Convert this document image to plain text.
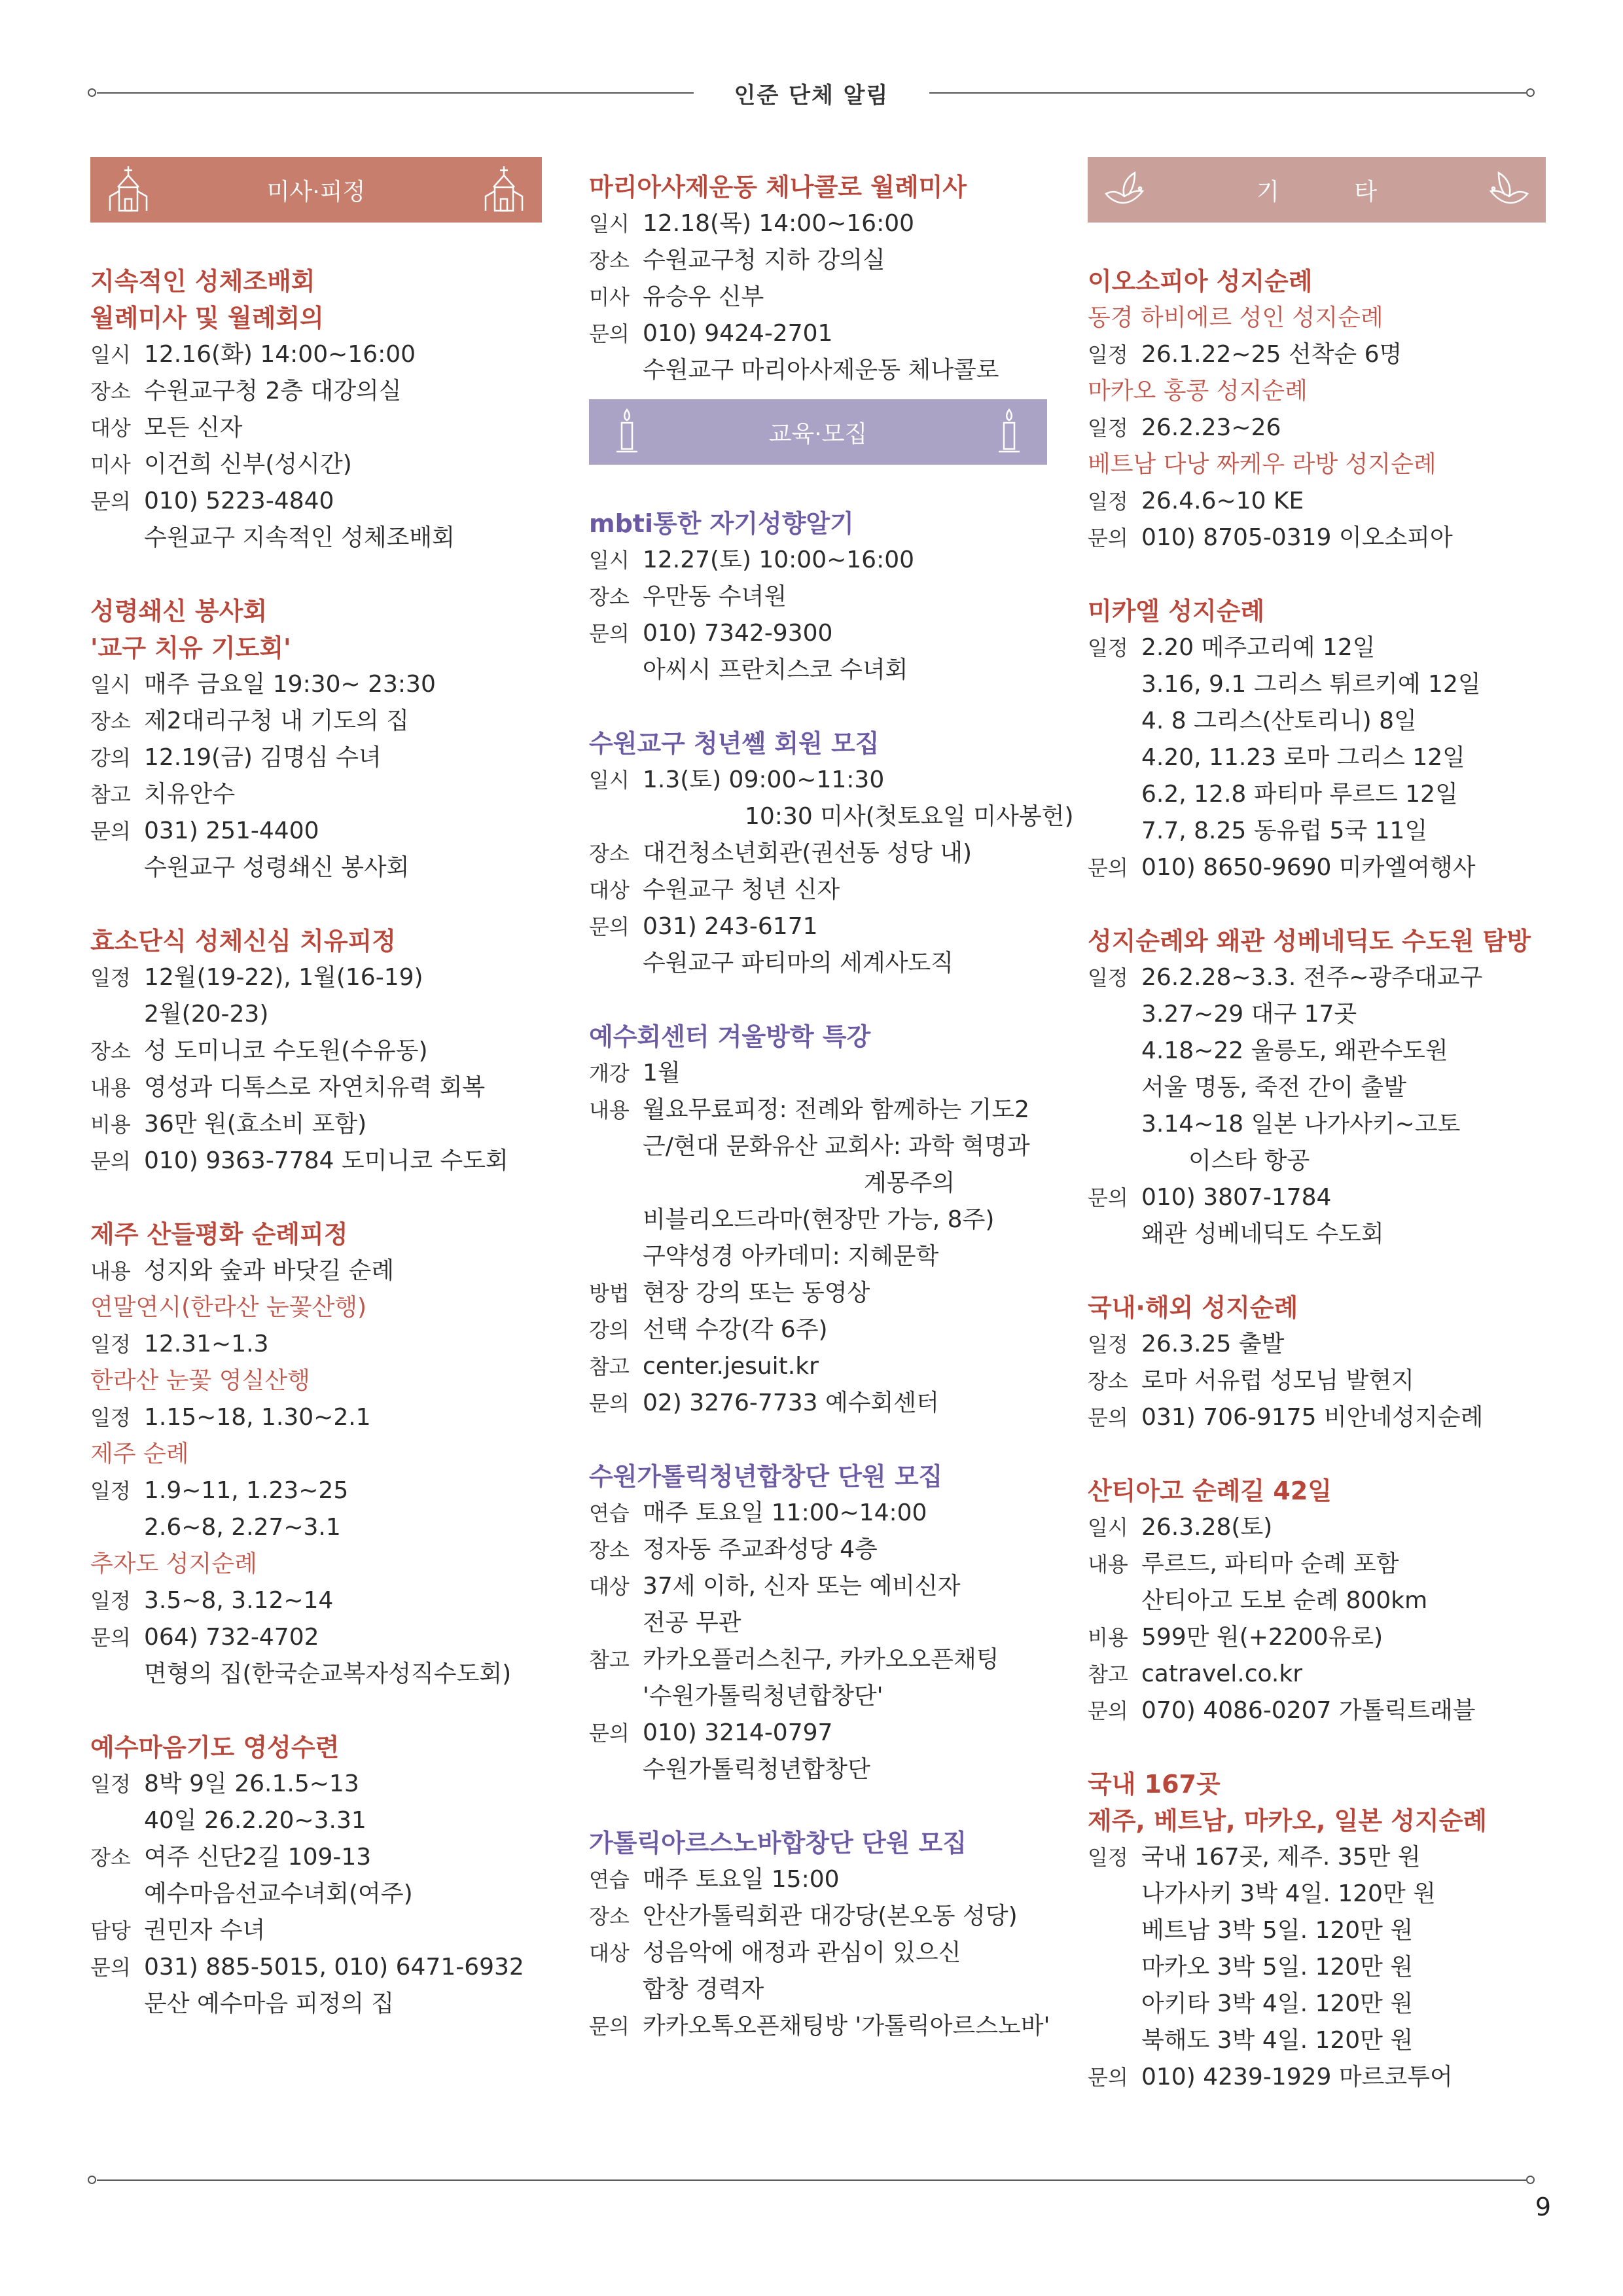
인준 단체 알림
9
미사·피정
지속적인 성체조배회
월례미사 및 월례회의
일시 12.16(화) 14:00~16:00
장소 수원교구청 2층 대강의실
대상 모든 신자
미사 이건희 신부(성시간)
문의 010) 5223-4840
수원교구 지속적인 성체조배회
성령쇄신 봉사회
'교구 치유 기도회'
일시 매주 금요일 19:30~ 23:30
장소 제2대리구청 내 기도의 집
강의 12.19(금) 김명심 수녀
참고 치유안수
문의 031) 251-4400
수원교구 성령쇄신 봉사회
효소단식 성체신심 치유피정
일정 12월(19-22), 1월(16-19)
2월(20-23)
장소 성 도미니코 수도원(수유동)
내용 영성과 디톡스로 자연치유력 회복
비용 36만 원(효소비 포함)
문의 010) 9363-7784 도미니코 수도회
제주 산들평화 순례피정
내용 성지와 숲과 바닷길 순례
연말연시(한라산 눈꽃산행)
일정 12.31~1.3
한라산 눈꽃 영실산행
일정 1.15~18, 1.30~2.1
제주 순례
일정 1.9~11, 1.23~25
2.6~8, 2.27~3.1
추자도 성지순례
일정 3.5~8, 3.12~14
문의 064) 732-4702
면형의 집(한국순교복자성직수도회)
예수마음기도 영성수련
일정 8박 9일 26.1.5~13
40일 26.2.20~3.31
장소 여주 신단2길 109-13
예수마음선교수녀회(여주)
담당 권민자 수녀
문의 031) 885-5015, 010) 6471-6932
문산 예수마음 피정의 집
마리아사제운동 체나콜로 월례미사
일시 12.18(목) 14:00~16:00
장소 수원교구청 지하 강의실
미사 유승우 신부
문의 010) 9424-2701
수원교구 마리아사제운동 체나콜로
교육·모집
mbti통한 자기성향알기
일시 12.27(토) 10:00~16:00
장소 우만동 수녀원
문의 010) 7342-9300
아씨시 프란치스코 수녀회
수원교구 청년쎌 회원 모집
일시 1.3(토) 09:00~11:30
10:30 미사(첫토요일 미사봉헌)
장소 대건청소년회관(권선동 성당 내)
대상 수원교구 청년 신자
문의 031) 243-6171
수원교구 파티마의 세계사도직
예수회센터 겨울방학 특강
개강 1월
내용 월요무료피정: 전례와 함께하는 기도2
근/현대 문화유산 교회사: 과학 혁명과
계몽주의
비블리오드라마(현장만 가능, 8주)
구약성경 아카데미: 지혜문학
방법 현장 강의 또는 동영상
강의 선택 수강(각 6주)
참고 center.jesuit.kr
문의 02) 3276-7733 예수회센터
수원가톨릭청년합창단 단원 모집
연습 매주 토요일 11:00~14:00
장소 정자동 주교좌성당 4층
대상 37세 이하, 신자 또는 예비신자
전공 무관
참고 카카오플러스친구, 카카오오픈채팅
'수원가톨릭청년합창단'
문의 010) 3214-0797
수원가톨릭청년합창단
가톨릭아르스노바합창단 단원 모집
연습 매주 토요일 15:00
장소 안산가톨릭회관 대강당(본오동 성당)
대상 성음악에 애정과 관심이 있으신
합창 경력자
문의 카카오톡오픈채팅방 '가톨릭아르스노바'
기          타
이오소피아 성지순례
동경 하비에르 성인 성지순례
일정 26.1.22~25 선착순 6명
마카오 홍콩 성지순례
일정 26.2.23~26
베트남 다낭 짜케우 라방 성지순례
일정 26.4.6~10 KE
문의 010) 8705-0319 이오소피아
미카엘 성지순례
일정 2.20 메주고리예 12일
3.16, 9.1 그리스 튀르키예 12일
4. 8 그리스(산토리니) 8일
4.20, 11.23 로마 그리스 12일
6.2, 12.8 파티마 루르드 12일
7.7, 8.25 동유럽 5국 11일
문의 010) 8650-9690 미카엘여행사
성지순례와 왜관 성베네딕도 수도원 탐방
일정 26.2.28~3.3. 전주~광주대교구
3.27~29 대구 17곳
4.18~22 울릉도, 왜관수도원
서울 명동, 죽전 간이 출발
3.14~18 일본 나가사키~고토
이스타 항공
문의 010) 3807-1784
왜관 성베네딕도 수도회
국내·해외 성지순례
일정 26.3.25 출발
장소 로마 서유럽 성모님 발현지
문의 031) 706-9175 비안네성지순례
산티아고 순례길 42일
일시 26.3.28(토)
내용 루르드, 파티마 순례 포함
산티아고 도보 순례 800km
비용 599만 원(+2200유로)
참고 catravel.co.kr
문의 070) 4086-0207 가톨릭트래블
국내 167곳
제주, 베트남, 마카오, 일본 성지순례
일정 국내 167곳, 제주. 35만 원
나가사키 3박 4일. 120만 원
베트남 3박 5일. 120만 원
마카오 3박 5일. 120만 원
아키타 3박 4일. 120만 원
북해도 3박 4일. 120만 원
문의 010) 4239-1929 마르코투어
